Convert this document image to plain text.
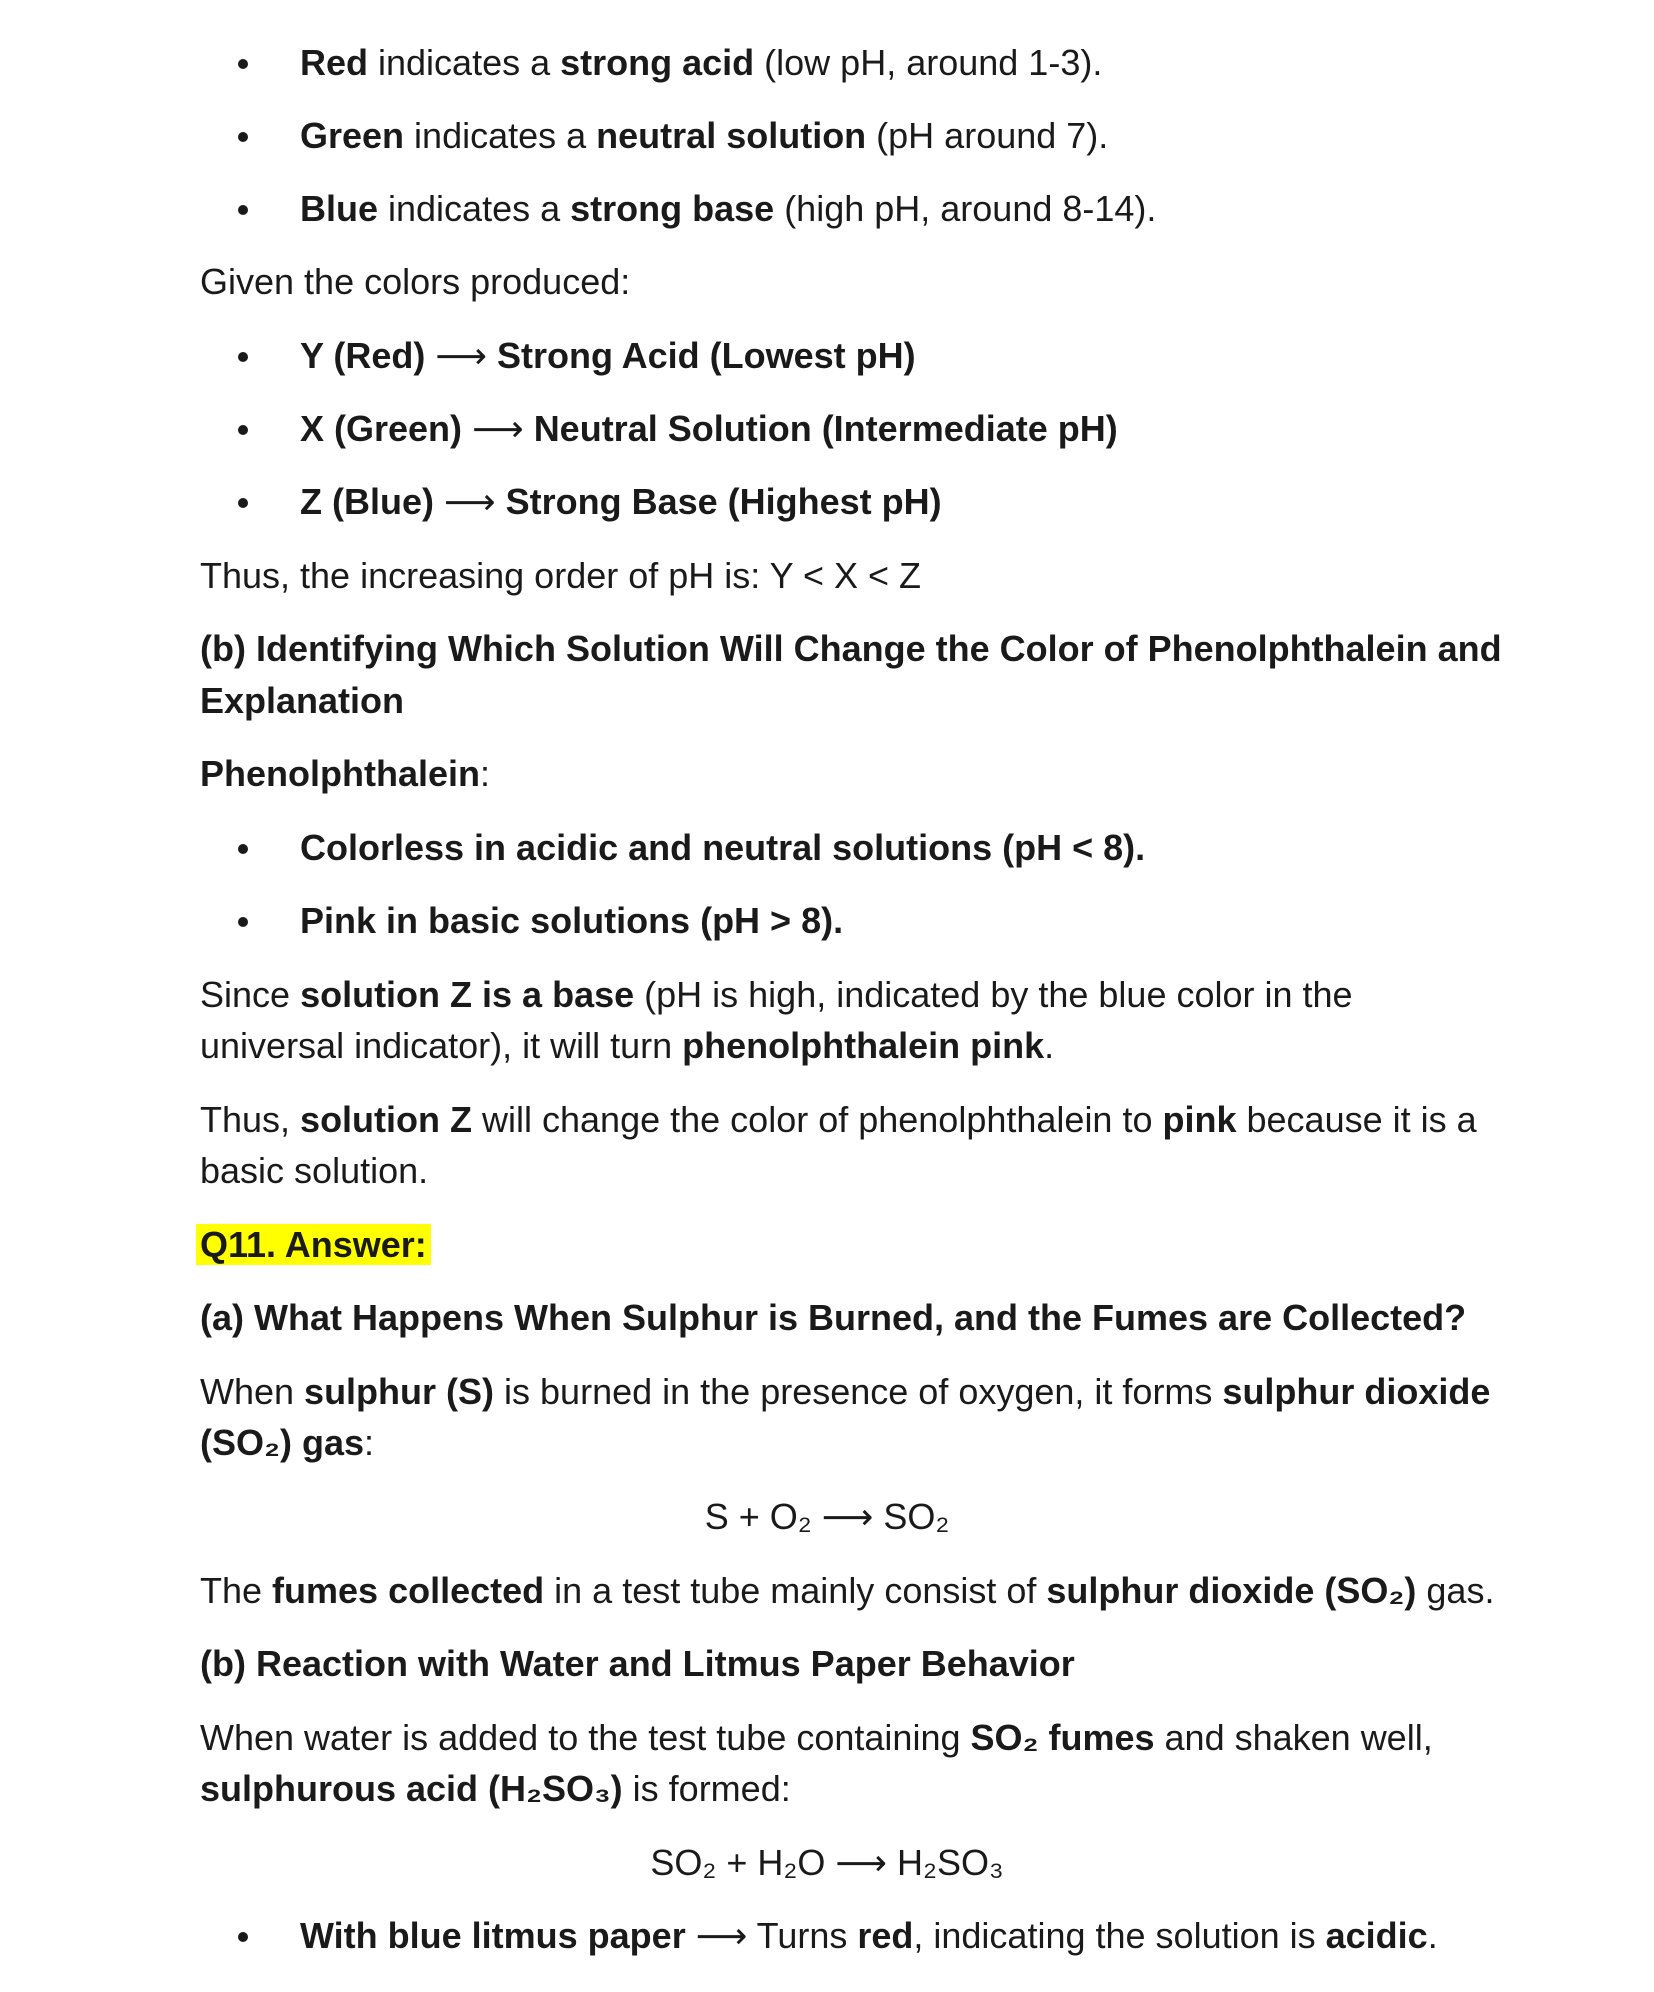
Red indicates a strong acid (low pH, around 1-3).
Green indicates a neutral solution (pH around 7).
Blue indicates a strong base (high pH, around 8-14).
Given the colors produced:
Y (Red) ⟶ Strong Acid (Lowest pH)
X (Green) ⟶ Neutral Solution (Intermediate pH)
Z (Blue) ⟶ Strong Base (Highest pH)
Thus, the increasing order of pH is: Y < X < Z
(b) Identifying Which Solution Will Change the Color of Phenolphthalein and
Explanation
Phenolphthalein:
Colorless in acidic and neutral solutions (pH < 8).
Pink in basic solutions (pH > 8).
Since solution Z is a base (pH is high, indicated by the blue color in the
universal indicator), it will turn phenolphthalein pink.
Thus, solution Z will change the color of phenolphthalein to pink because it is a
basic solution.
Q11. Answer:
(a) What Happens When Sulphur is Burned, and the Fumes are Collected?
When sulphur (S) is burned in the presence of oxygen, it forms sulphur dioxide
(SO₂) gas:
S + O₂ ⟶ SO₂
The fumes collected in a test tube mainly consist of sulphur dioxide (SO₂) gas.
(b) Reaction with Water and Litmus Paper Behavior
When water is added to the test tube containing SO₂ fumes and shaken well,
sulphurous acid (H₂SO₃) is formed:
SO₂ + H₂O ⟶ H₂SO₃
With blue litmus paper ⟶ Turns red, indicating the solution is acidic.
